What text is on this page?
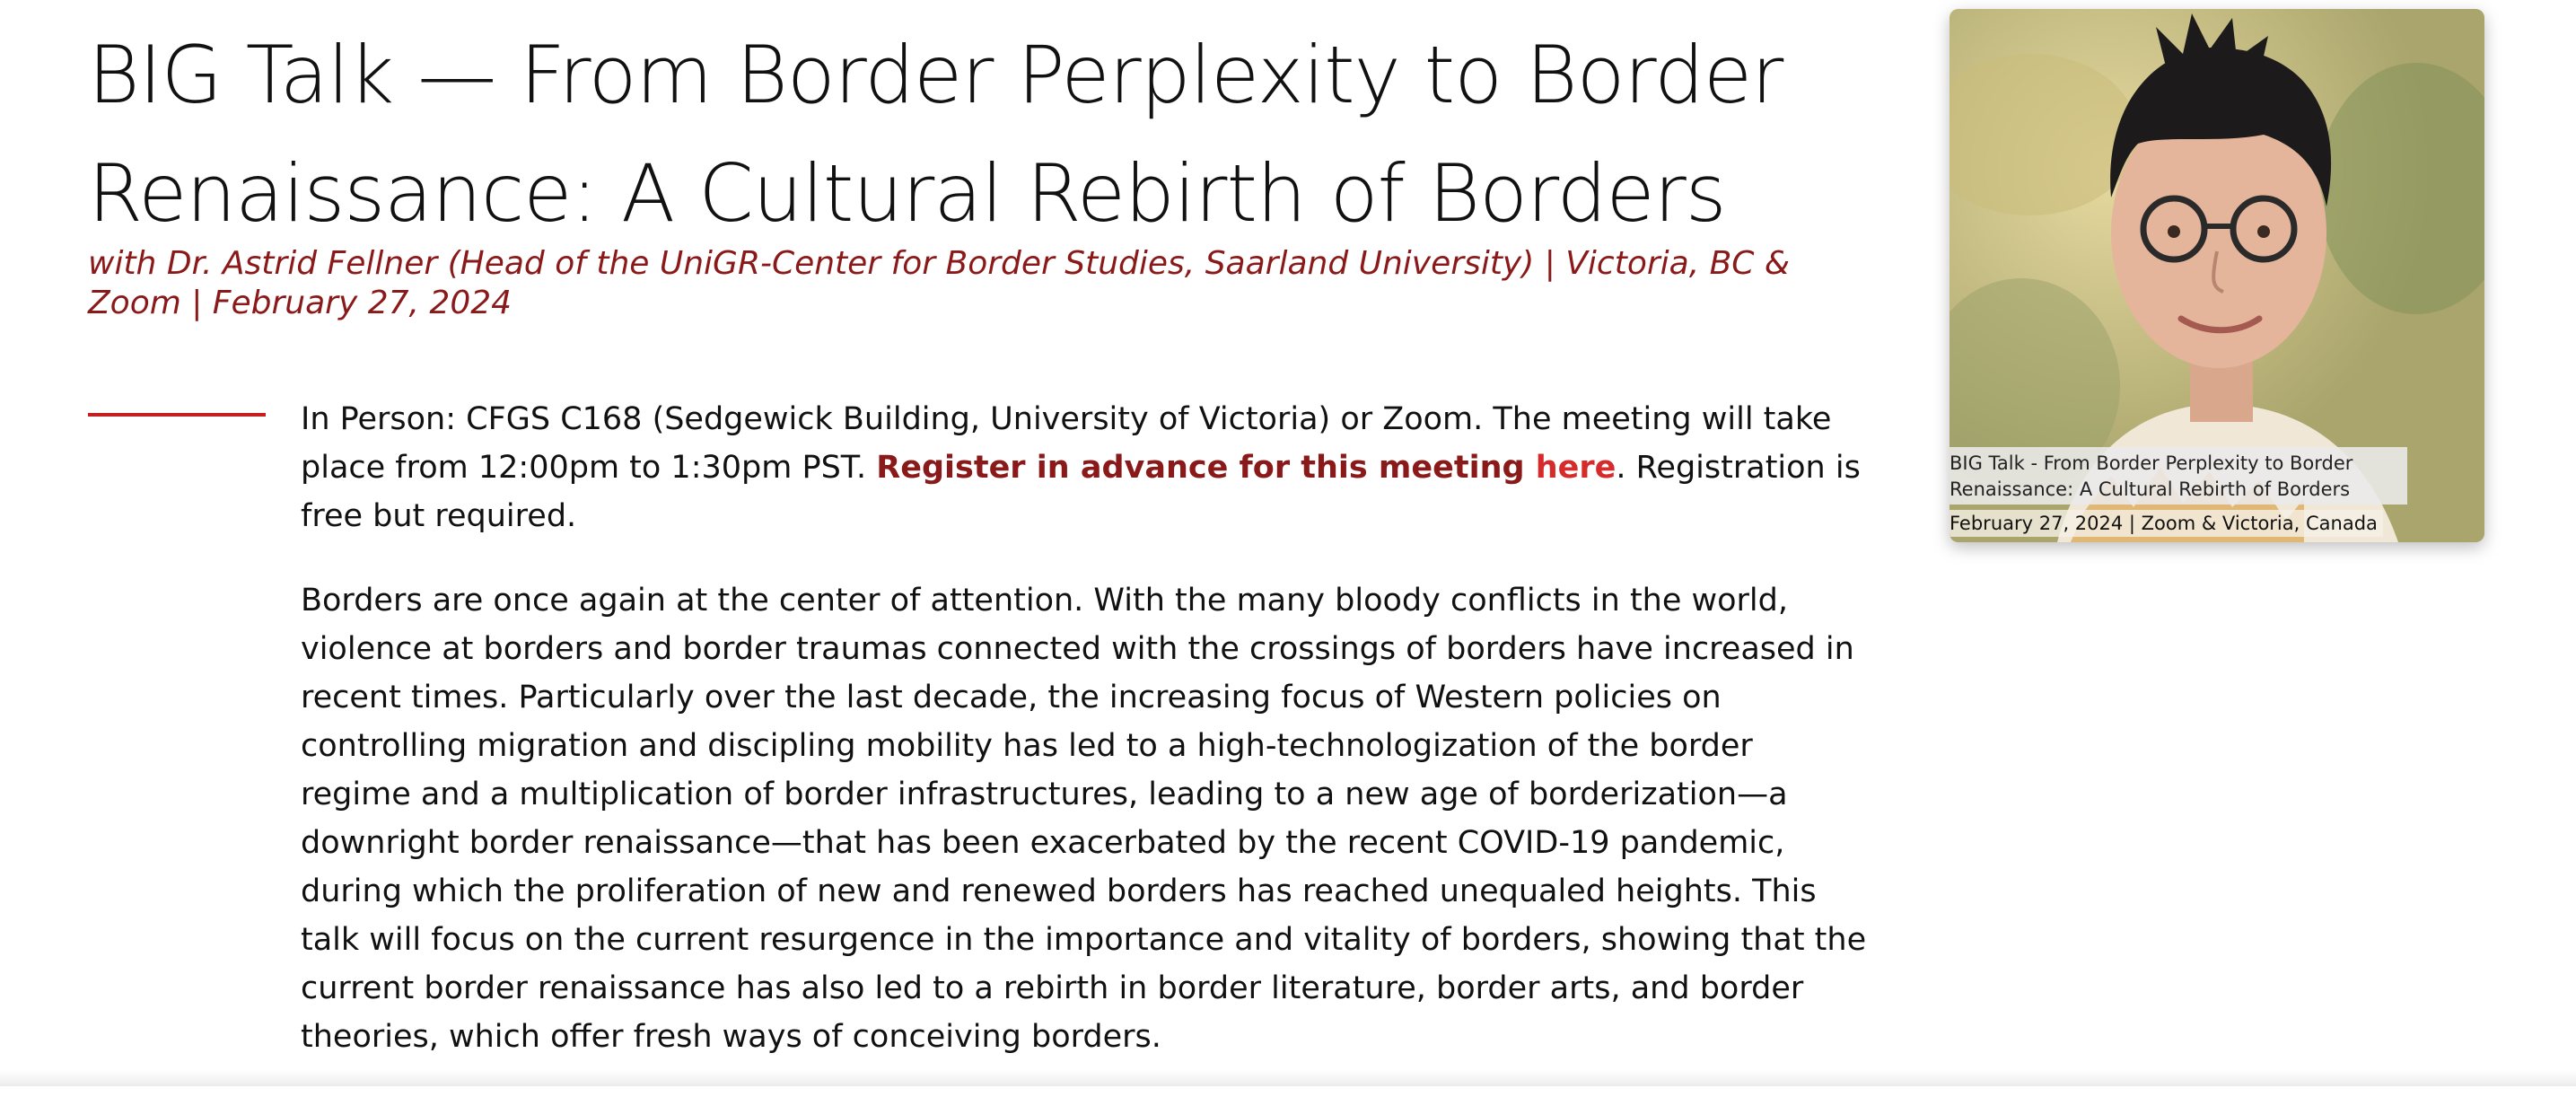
BIG Talk — From Border Perplexity to Border Renaissance: A Cultural Rebirth of Borders

with Dr. Astrid Fellner (Head of the UniGR-Center for Border Studies, Saarland University) | Victoria, BC & Zoom | February 27, 2024

In Person: CFGS C168 (Sedgewick Building, University of Victoria) or Zoom. The meeting will take place from 12:00pm to 1:30pm PST. Register in advance for this meeting here. Registration is free but required.

Borders are once again at the center of attention. With the many bloody conflicts in the world, violence at borders and border traumas connected with the crossings of borders have increased in recent times. Particularly over the last decade, the increasing focus of Western policies on controlling migration and discipling mobility has led to a high-technologization of the border regime and a multiplication of border infrastructures, leading to a new age of borderization—a downright border renaissance—that has been exacerbated by the recent COVID-19 pandemic, during which the proliferation of new and renewed borders has reached unequaled heights. This talk will focus on the current resurgence in the importance and vitality of borders, showing that the current border renaissance has also led to a rebirth in border literature, border arts, and border theories, which offer fresh ways of conceiving borders.

BIG Talk - From Border Perplexity to Border
Renaissance: A Cultural Rebirth of Borders
February 27, 2024 | Zoom & Victoria, Canada
